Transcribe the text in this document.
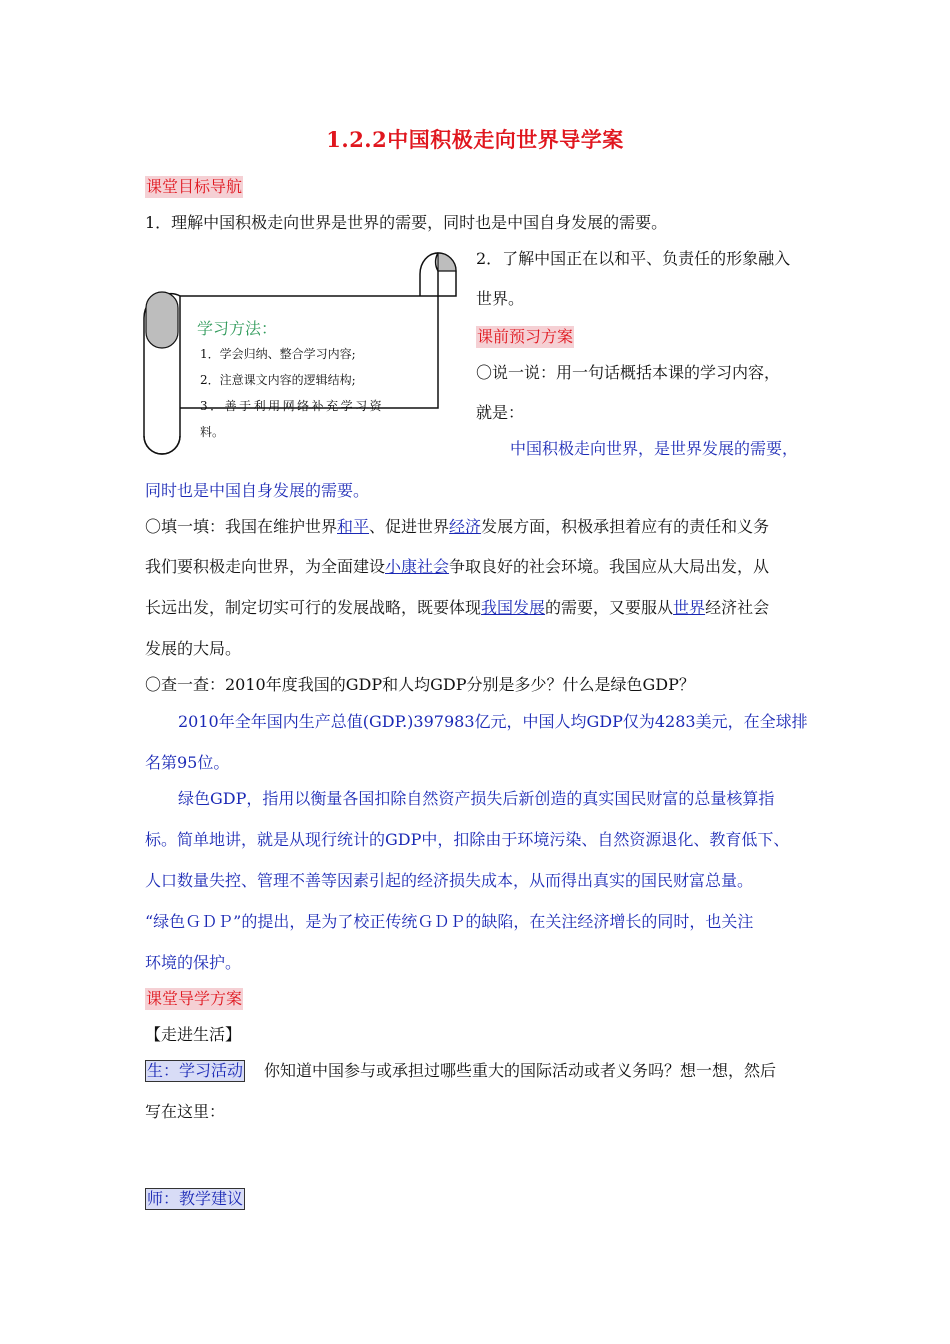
1.2.2中国积极走向世界导学案
课堂目标导航
1．理解中国积极走向世界是世界的需要，同时也是中国自身发展的需要。
学习方法：
1．学会归纳、整合学习内容;
2．注意课文内容的逻辑结构;
3．善于利用网络补充学习资
料。
2．了解中国正在以和平、负责任的形象融入
世界。
课前预习方案
〇说一说：用一句话概括本课的学习内容，
就是：
中国积极走向世界，是世界发展的需要，
同时也是中国自身发展的需要。
〇填一填：我国在维护世界和平、促进世界经济发展方面，积极承担着应有的责任和义务
我们要积极走向世界，为全面建设小康社会争取良好的社会环境。我国应从大局出发，从
长远出发，制定切实可行的发展战略，既要体现我国发展的需要，又要服从世界经济社会
发展的大局。
〇查一查：2010年度我国的GDP和人均GDP分别是多少？什么是绿色GDP？
2010年全年国内生产总值(GDP.)397983亿元，中国人均GDP仅为4283美元，在全球排
名第95位。
绿色GDP，指用以衡量各国扣除自然资产损失后新创造的真实国民财富的总量核算指
标。简单地讲，就是从现行统计的GDP中，扣除由于环境污染、自然资源退化、教育低下、
人口数量失控、管理不善等因素引起的经济损失成本，从而得出真实的国民财富总量。
“绿色ＧＤＰ”的提出，是为了校正传统ＧＤＰ的缺陷，在关注经济增长的同时，也关注
环境的保护。
课堂导学方案
【走进生活】
生：学习活动 你知道中国参与或承担过哪些重大的国际活动或者义务吗？想一想，然后
写在这里：
师：教学建议
